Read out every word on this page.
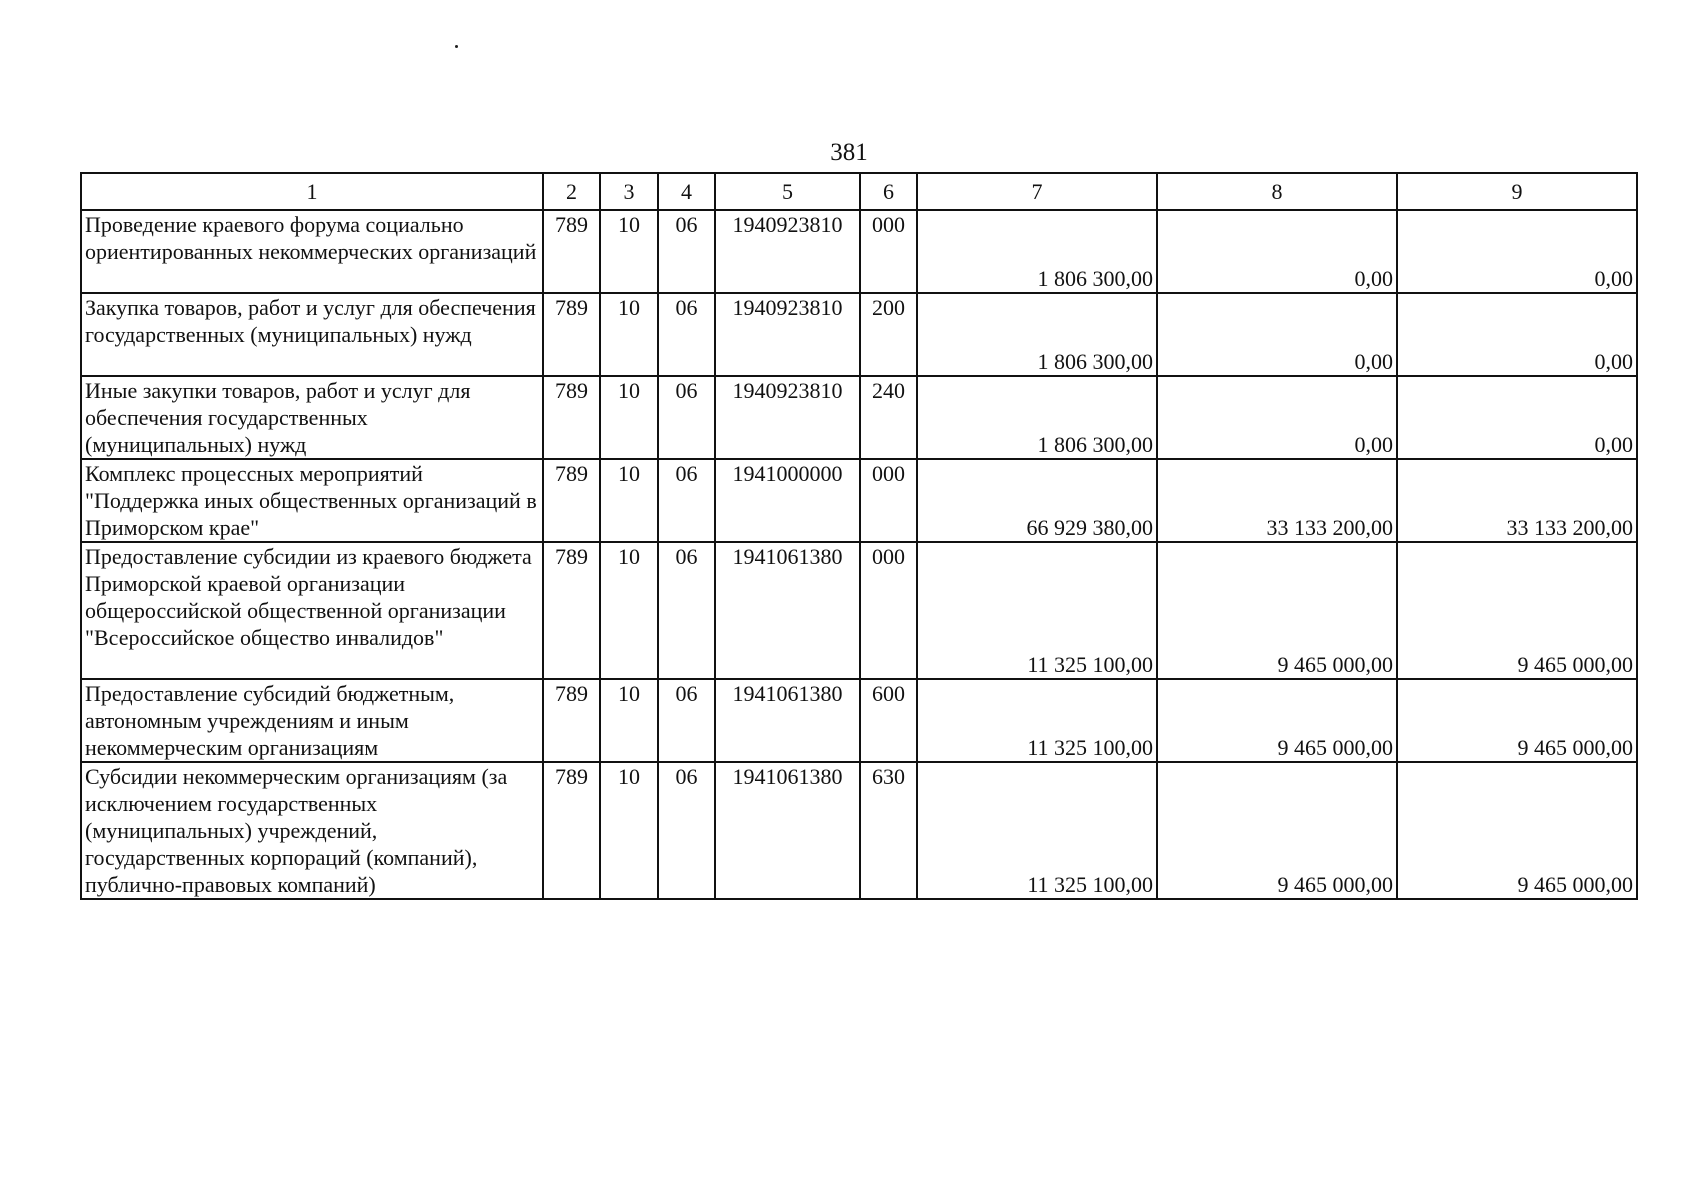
381
1	2	3	4	5	6	7	8	9
Проведение краевого форума социально ориентированных некоммерческих организаций	789	10	06	1940923810	000	1 806 300,00	0,00	0,00
Закупка товаров, работ и услуг для обеспечения государственных (муниципальных) нужд	789	10	06	1940923810	200	1 806 300,00	0,00	0,00
Иные закупки товаров, работ и услуг для обеспечения государственных (муниципальных) нужд	789	10	06	1940923810	240	1 806 300,00	0,00	0,00
Комплекс процессных мероприятий "Поддержка иных общественных организаций в Приморском крае"	789	10	06	1941000000	000	66 929 380,00	33 133 200,00	33 133 200,00
Предоставление субсидии из краевого бюджета Приморской краевой организации общероссийской общественной организации "Всероссийское общество инвалидов"	789	10	06	1941061380	000	11 325 100,00	9 465 000,00	9 465 000,00
Предоставление субсидий бюджетным, автономным учреждениям и иным некоммерческим организациям	789	10	06	1941061380	600	11 325 100,00	9 465 000,00	9 465 000,00
Субсидии некоммерческим организациям (за исключением государственных (муниципальных) учреждений, государственных корпораций (компаний), публично-правовых компаний)	789	10	06	1941061380	630	11 325 100,00	9 465 000,00	9 465 000,00
